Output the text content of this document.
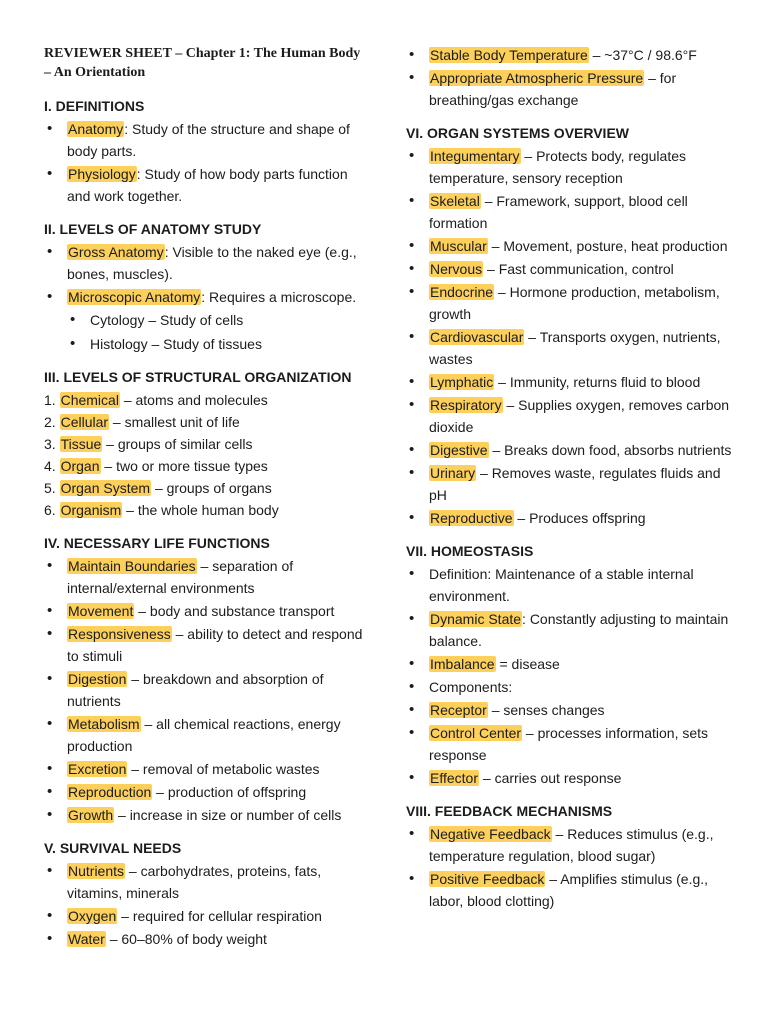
REVIEWER SHEET – Chapter 1: The Human Body – An Orientation
I. DEFINITIONS
• Anatomy: Study of the structure and shape of body parts.
• Physiology: Study of how body parts function and work together.
II. LEVELS OF ANATOMY STUDY
• Gross Anatomy: Visible to the naked eye (e.g., bones, muscles).
• Microscopic Anatomy: Requires a microscope.
• Cytology – Study of cells
• Histology – Study of tissues
III. LEVELS OF STRUCTURAL ORGANIZATION
1. Chemical – atoms and molecules
2. Cellular – smallest unit of life
3. Tissue – groups of similar cells
4. Organ – two or more tissue types
5. Organ System – groups of organs
6. Organism – the whole human body
IV. NECESSARY LIFE FUNCTIONS
• Maintain Boundaries – separation of internal/external environments
• Movement – body and substance transport
• Responsiveness – ability to detect and respond to stimuli
• Digestion – breakdown and absorption of nutrients
• Metabolism – all chemical reactions, energy production
• Excretion – removal of metabolic wastes
• Reproduction – production of offspring
• Growth – increase in size or number of cells
V. SURVIVAL NEEDS
• Nutrients – carbohydrates, proteins, fats, vitamins, minerals
• Oxygen – required for cellular respiration
• Water – 60–80% of body weight
• Stable Body Temperature – ~37°C / 98.6°F
• Appropriate Atmospheric Pressure – for breathing/gas exchange
VI. ORGAN SYSTEMS OVERVIEW
• Integumentary – Protects body, regulates temperature, sensory reception
• Skeletal – Framework, support, blood cell formation
• Muscular – Movement, posture, heat production
• Nervous – Fast communication, control
• Endocrine – Hormone production, metabolism, growth
• Cardiovascular – Transports oxygen, nutrients, wastes
• Lymphatic – Immunity, returns fluid to blood
• Respiratory – Supplies oxygen, removes carbon dioxide
• Digestive – Breaks down food, absorbs nutrients
• Urinary – Removes waste, regulates fluids and pH
• Reproductive – Produces offspring
VII. HOMEOSTASIS
• Definition: Maintenance of a stable internal environment.
• Dynamic State: Constantly adjusting to maintain balance.
• Imbalance = disease
• Components:
• Receptor – senses changes
• Control Center – processes information, sets response
• Effector – carries out response
VIII. FEEDBACK MECHANISMS
• Negative Feedback – Reduces stimulus (e.g., temperature regulation, blood sugar)
• Positive Feedback – Amplifies stimulus (e.g., labor, blood clotting)
